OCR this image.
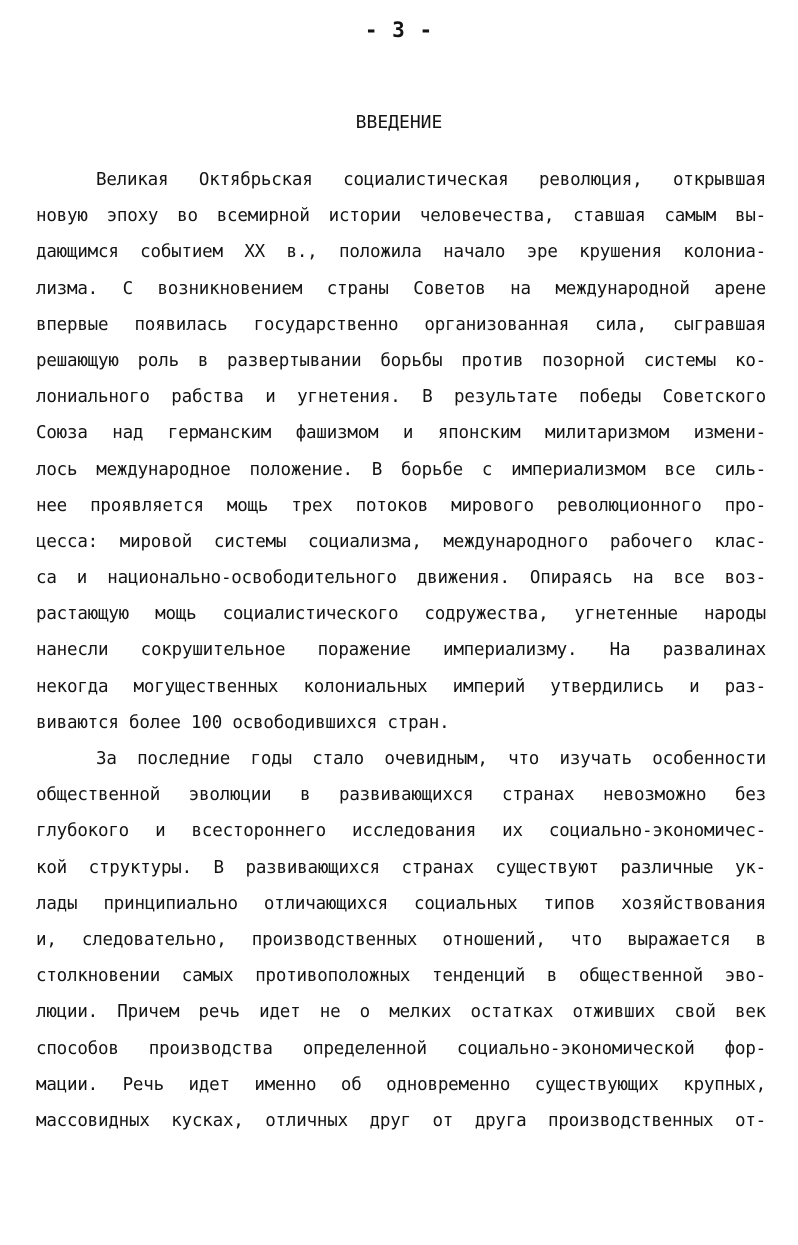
- 3 -
ВВЕДЕНИЕ
Великая Октябрьская социалистическая революция, открывшая
новую эпоху во всемирной истории человечества, ставшая самым вы-
дающимся событием XX в., положила начало эре крушения колониа-
лизма. С возникновением страны Советов на международной арене
впервые появилась государственно организованная сила, сыгравшая
решающую роль в развертывании борьбы против позорной системы ко-
лониального рабства и угнетения. В результате победы Советского
Союза над германским фашизмом и японским милитаризмом измени-
лось международное положение. В борьбе с империализмом все силь-
нее проявляется мощь трех потоков мирового революционного про-
цесса: мировой системы социализма, международного рабочего клас-
са и национально-освободительного движения. Опираясь на все воз-
растающую мощь социалистического содружества, угнетенные народы
нанесли сокрушительное поражение империализму. На развалинах
некогда могущественных колониальных империй утвердились и раз-
виваются более 100 освободившихся стран.
За последние годы стало очевидным, что изучать особенности
общественной эволюции в развивающихся странах невозможно без
глубокого и всестороннего исследования их социально-экономичес-
кой структуры. В развивающихся странах существуют различные ук-
лады принципиально отличающихся социальных типов хозяйствования
и, следовательно, производственных отношений, что выражается в
столкновении самых противоположных тенденций в общественной эво-
люции. Причем речь идет не о мелких остатках отживших свой век
способов производства определенной социально-экономической фор-
мации. Речь идет именно об одновременно существующих крупных,
массовидных кусках, отличных друг от друга производственных от-
